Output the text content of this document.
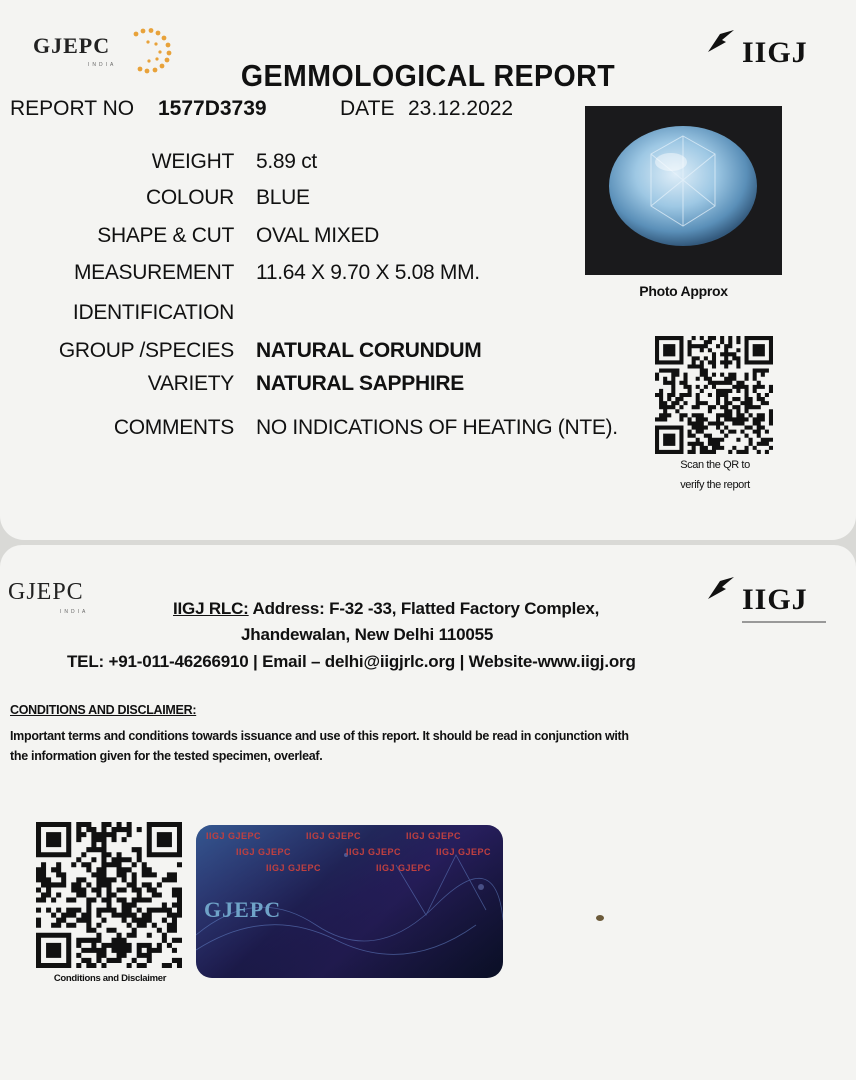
GJEPC
INDIA	IIGJ
GEMMOLOGICAL REPORT
REPORT NO 1577D3739	DATE 23.12.2022
WEIGHT 5.89 ct
COLOUR BLUE
SHAPE & CUT OVAL MIXED
MEASUREMENT 11.64 X 9.70 X 5.08 MM.
IDENTIFICATION
GROUP /SPECIES NATURAL CORUNDUM
VARIETY NATURAL SAPPHIRE
COMMENTS NO INDICATIONS OF HEATING (NTE).
Photo Approx
Scan the QR to
verify the report
GJEPC
INDIA	IIGJ
IIGJ RLC: Address: F-32 -33, Flatted Factory Complex,
Jhandewalan, New Delhi 110055
TEL: +91-011-46266910 | Email – delhi@iigjrlc.org | Website-www.iigj.org
CONDITIONS AND DISCLAIMER:
Important terms and conditions towards issuance and use of this report. It should be read in conjunction with
the information given for the tested specimen, overleaf.
Conditions and Disclaimer
IIGJ GJEPC	IIGJ GJEPC	IIGJ GJEPC
IIGJ GJEPC	IIGJ GJEPC	IIGJ GJEPC
IIGJ GJEPC	IIGJ GJEPC
GJEPC
